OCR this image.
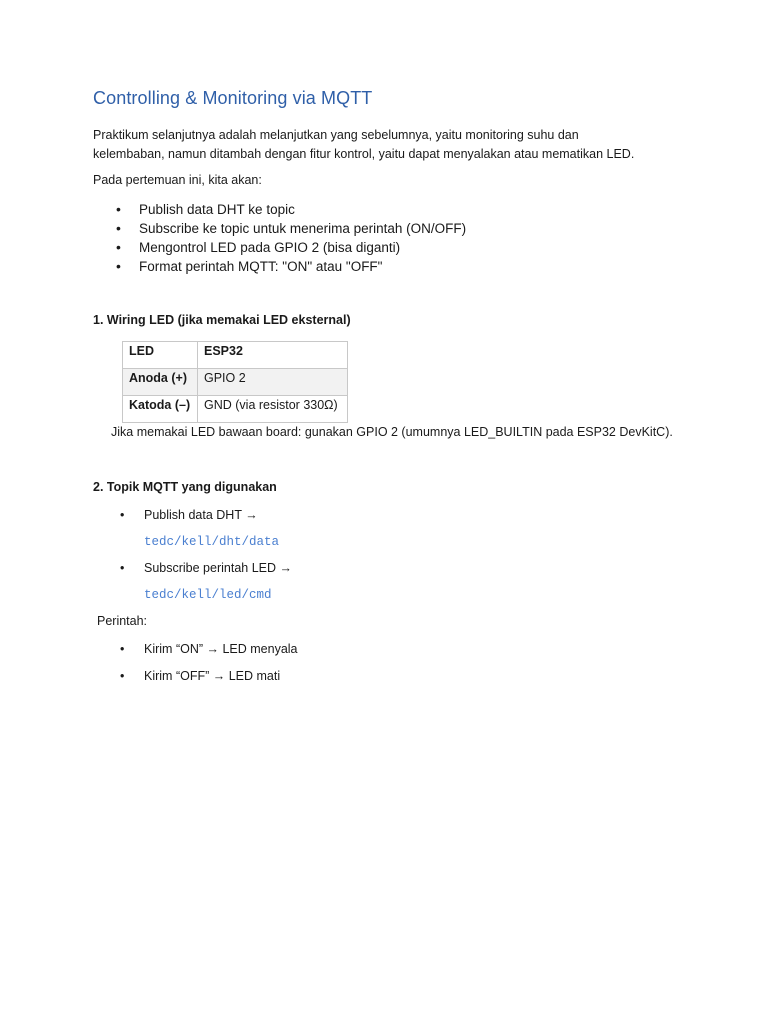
Controlling & Monitoring via MQTT

Praktikum selanjutnya adalah melanjutkan yang sebelumnya, yaitu monitoring suhu dan
kelembaban, namun ditambah dengan fitur kontrol, yaitu dapat menyalakan atau mematikan LED.

Pada pertemuan ini, kita akan:

• Publish data DHT ke topic
• Subscribe ke topic untuk menerima perintah (ON/OFF)
• Mengontrol LED pada GPIO 2 (bisa diganti)
• Format perintah MQTT: "ON" atau "OFF"

1. Wiring LED (jika memakai LED eksternal)

LED	ESP32
Anoda (+)	GPIO 2
Katoda (–)	GND (via resistor 330Ω)

Jika memakai LED bawaan board: gunakan GPIO 2 (umumnya LED_BUILTIN pada ESP32 DevKitC).

2. Topik MQTT yang digunakan

• Publish data DHT →

tedc/kell/dht/data

• Subscribe perintah LED →

tedc/kell/led/cmd

Perintah:

• Kirim “ON” → LED menyala
• Kirim “OFF” → LED mati
